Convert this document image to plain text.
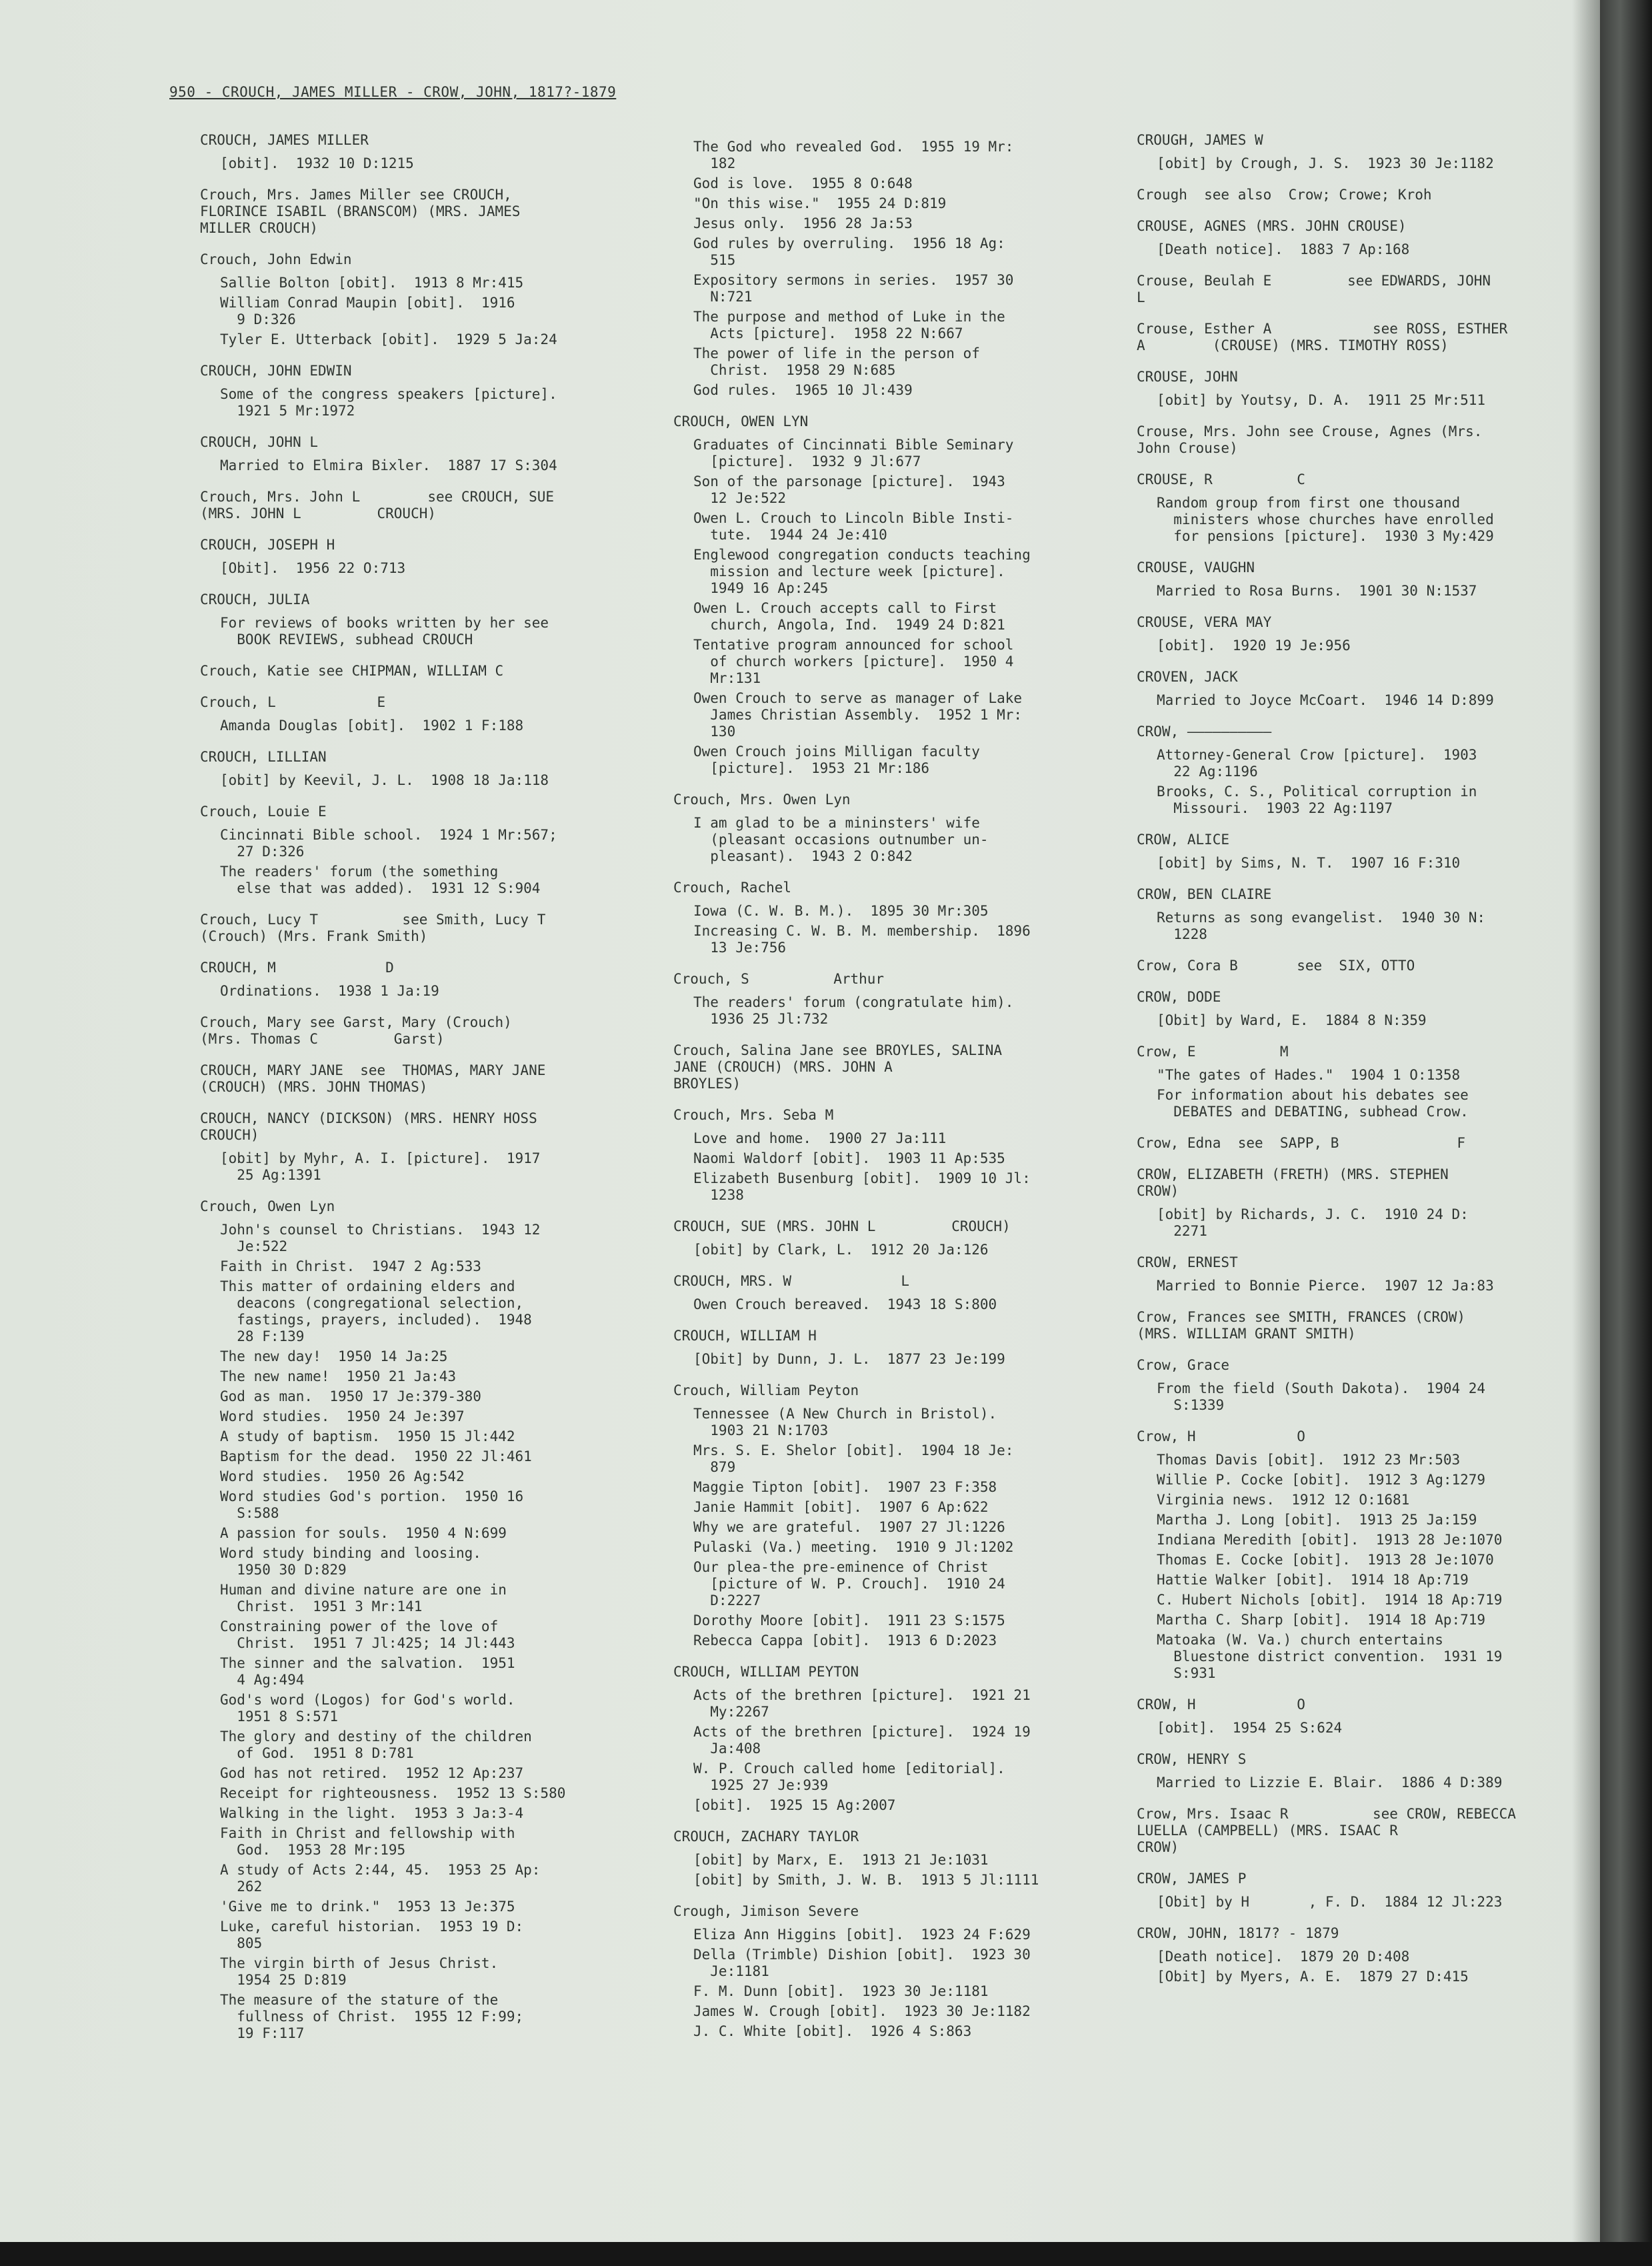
950 - CROUCH, JAMES MILLER - CROW, JOHN, 1817?-1879
CROUCH, JAMES MILLER
[obit].  1932 10 D:1215
Crouch, Mrs. James Miller see CROUCH,
FLORINCE ISABIL (BRANSCOM) (MRS. JAMES
MILLER CROUCH)
Crouch, John Edwin
Sallie Bolton [obit].  1913 8 Mr:415
William Conrad Maupin [obit].  1916
9 D:326
Tyler E. Utterback [obit].  1929 5 Ja:24
CROUCH, JOHN EDWIN
Some of the congress speakers [picture].
1921 5 Mr:1972
CROUCH, JOHN L
Married to Elmira Bixler.  1887 17 S:304
Crouch, Mrs. John L        see CROUCH, SUE
(MRS. JOHN L         CROUCH)
CROUCH, JOSEPH H
[Obit].  1956 22 O:713
CROUCH, JULIA
For reviews of books written by her see
BOOK REVIEWS, subhead CROUCH
Crouch, Katie see CHIPMAN, WILLIAM C
Crouch, L            E
Amanda Douglas [obit].  1902 1 F:188
CROUCH, LILLIAN
[obit] by Keevil, J. L.  1908 18 Ja:118
Crouch, Louie E
Cincinnati Bible school.  1924 1 Mr:567;
27 D:326
The readers' forum (the something
else that was added).  1931 12 S:904
Crouch, Lucy T          see Smith, Lucy T
(Crouch) (Mrs. Frank Smith)
CROUCH, M             D
Ordinations.  1938 1 Ja:19
Crouch, Mary see Garst, Mary (Crouch)
(Mrs. Thomas C         Garst)
CROUCH, MARY JANE  see  THOMAS, MARY JANE
(CROUCH) (MRS. JOHN THOMAS)
CROUCH, NANCY (DICKSON) (MRS. HENRY HOSS
CROUCH)
[obit] by Myhr, A. I. [picture].  1917
25 Ag:1391
Crouch, Owen Lyn
John's counsel to Christians.  1943 12
Je:522
Faith in Christ.  1947 2 Ag:533
This matter of ordaining elders and
deacons (congregational selection,
fastings, prayers, included).  1948
28 F:139
The new day!  1950 14 Ja:25
The new name!  1950 21 Ja:43
God as man.  1950 17 Je:379-380
Word studies.  1950 24 Je:397
A study of baptism.  1950 15 Jl:442
Baptism for the dead.  1950 22 Jl:461
Word studies.  1950 26 Ag:542
Word studies God's portion.  1950 16
S:588
A passion for souls.  1950 4 N:699
Word study binding and loosing.
1950 30 D:829
Human and divine nature are one in
Christ.  1951 3 Mr:141
Constraining power of the love of
Christ.  1951 7 Jl:425; 14 Jl:443
The sinner and the salvation.  1951
4 Ag:494
God's word (Logos) for God's world.
1951 8 S:571
The glory and destiny of the children
of God.  1951 8 D:781
God has not retired.  1952 12 Ap:237
Receipt for righteousness.  1952 13 S:580
Walking in the light.  1953 3 Ja:3-4
Faith in Christ and fellowship with
God.  1953 28 Mr:195
A study of Acts 2:44, 45.  1953 25 Ap:
262
'Give me to drink."  1953 13 Je:375
Luke, careful historian.  1953 19 D:
805
The virgin birth of Jesus Christ.
1954 25 D:819
The measure of the stature of the
fullness of Christ.  1955 12 F:99;
19 F:117
The God who revealed God.  1955 19 Mr:
182
God is love.  1955 8 O:648
"On this wise."  1955 24 D:819
Jesus only.  1956 28 Ja:53
God rules by overruling.  1956 18 Ag:
515
Expository sermons in series.  1957 30
N:721
The purpose and method of Luke in the
Acts [picture].  1958 22 N:667
The power of life in the person of
Christ.  1958 29 N:685
God rules.  1965 10 Jl:439
CROUCH, OWEN LYN
Graduates of Cincinnati Bible Seminary
[picture].  1932 9 Jl:677
Son of the parsonage [picture].  1943
12 Je:522
Owen L. Crouch to Lincoln Bible Insti-
tute.  1944 24 Je:410
Englewood congregation conducts teaching
mission and lecture week [picture].
1949 16 Ap:245
Owen L. Crouch accepts call to First
church, Angola, Ind.  1949 24 D:821
Tentative program announced for school
of church workers [picture].  1950 4
Mr:131
Owen Crouch to serve as manager of Lake
James Christian Assembly.  1952 1 Mr:
130
Owen Crouch joins Milligan faculty
[picture].  1953 21 Mr:186
Crouch, Mrs. Owen Lyn
I am glad to be a mininsters' wife
(pleasant occasions outnumber un-
pleasant).  1943 2 O:842
Crouch, Rachel
Iowa (C. W. B. M.).  1895 30 Mr:305
Increasing C. W. B. M. membership.  1896
13 Je:756
Crouch, S          Arthur
The readers' forum (congratulate him).
1936 25 Jl:732
Crouch, Salina Jane see BROYLES, SALINA
JANE (CROUCH) (MRS. JOHN A
BROYLES)
Crouch, Mrs. Seba M
Love and home.  1900 27 Ja:111
Naomi Waldorf [obit].  1903 11 Ap:535
Elizabeth Busenburg [obit].  1909 10 Jl:
1238
CROUCH, SUE (MRS. JOHN L         CROUCH)
[obit] by Clark, L.  1912 20 Ja:126
CROUCH, MRS. W             L
Owen Crouch bereaved.  1943 18 S:800
CROUCH, WILLIAM H
[Obit] by Dunn, J. L.  1877 23 Je:199
Crouch, William Peyton
Tennessee (A New Church in Bristol).
1903 21 N:1703
Mrs. S. E. Shelor [obit].  1904 18 Je:
879
Maggie Tipton [obit].  1907 23 F:358
Janie Hammit [obit].  1907 6 Ap:622
Why we are grateful.  1907 27 Jl:1226
Pulaski (Va.) meeting.  1910 9 Jl:1202
Our plea-the pre-eminence of Christ
[picture of W. P. Crouch].  1910 24
D:2227
Dorothy Moore [obit].  1911 23 S:1575
Rebecca Cappa [obit].  1913 6 D:2023
CROUCH, WILLIAM PEYTON
Acts of the brethren [picture].  1921 21
My:2267
Acts of the brethren [picture].  1924 19
Ja:408
W. P. Crouch called home [editorial].
1925 27 Je:939
[obit].  1925 15 Ag:2007
CROUCH, ZACHARY TAYLOR
[obit] by Marx, E.  1913 21 Je:1031
[obit] by Smith, J. W. B.  1913 5 Jl:1111
Crough, Jimison Severe
Eliza Ann Higgins [obit].  1923 24 F:629
Della (Trimble) Dishion [obit].  1923 30
Je:1181
F. M. Dunn [obit].  1923 30 Je:1181
James W. Crough [obit].  1923 30 Je:1182
J. C. White [obit].  1926 4 S:863
CROUGH, JAMES W
[obit] by Crough, J. S.  1923 30 Je:1182
Crough  see also  Crow; Crowe; Kroh
CROUSE, AGNES (MRS. JOHN CROUSE)
[Death notice].  1883 7 Ap:168
Crouse, Beulah E         see EDWARDS, JOHN
L
Crouse, Esther A            see ROSS, ESTHER
A        (CROUSE) (MRS. TIMOTHY ROSS)
CROUSE, JOHN
[obit] by Youtsy, D. A.  1911 25 Mr:511
Crouse, Mrs. John see Crouse, Agnes (Mrs.
John Crouse)
CROUSE, R          C
Random group from first one thousand
ministers whose churches have enrolled
for pensions [picture].  1930 3 My:429
CROUSE, VAUGHN
Married to Rosa Burns.  1901 30 N:1537
CROUSE, VERA MAY
[obit].  1920 19 Je:956
CROVEN, JACK
Married to Joyce McCoart.  1946 14 D:899
CROW, ——————————
Attorney-General Crow [picture].  1903
22 Ag:1196
Brooks, C. S., Political corruption in
Missouri.  1903 22 Ag:1197
CROW, ALICE
[obit] by Sims, N. T.  1907 16 F:310
CROW, BEN CLAIRE
Returns as song evangelist.  1940 30 N:
1228
Crow, Cora B       see  SIX, OTTO
CROW, DODE
[Obit] by Ward, E.  1884 8 N:359
Crow, E          M
"The gates of Hades."  1904 1 O:1358
For information about his debates see
DEBATES and DEBATING, subhead Crow.
Crow, Edna  see  SAPP, B              F
CROW, ELIZABETH (FRETH) (MRS. STEPHEN
CROW)
[obit] by Richards, J. C.  1910 24 D:
2271
CROW, ERNEST
Married to Bonnie Pierce.  1907 12 Ja:83
Crow, Frances see SMITH, FRANCES (CROW)
(MRS. WILLIAM GRANT SMITH)
Crow, Grace
From the field (South Dakota).  1904 24
S:1339
Crow, H            O
Thomas Davis [obit].  1912 23 Mr:503
Willie P. Cocke [obit].  1912 3 Ag:1279
Virginia news.  1912 12 O:1681
Martha J. Long [obit].  1913 25 Ja:159
Indiana Meredith [obit].  1913 28 Je:1070
Thomas E. Cocke [obit].  1913 28 Je:1070
Hattie Walker [obit].  1914 18 Ap:719
C. Hubert Nichols [obit].  1914 18 Ap:719
Martha C. Sharp [obit].  1914 18 Ap:719
Matoaka (W. Va.) church entertains
Bluestone district convention.  1931 19
S:931
CROW, H            O
[obit].  1954 25 S:624
CROW, HENRY S
Married to Lizzie E. Blair.  1886 4 D:389
Crow, Mrs. Isaac R          see CROW, REBECCA
LUELLA (CAMPBELL) (MRS. ISAAC R
CROW)
CROW, JAMES P
[Obit] by H       , F. D.  1884 12 Jl:223
CROW, JOHN, 1817? - 1879
[Death notice].  1879 20 D:408
[Obit] by Myers, A. E.  1879 27 D:415
